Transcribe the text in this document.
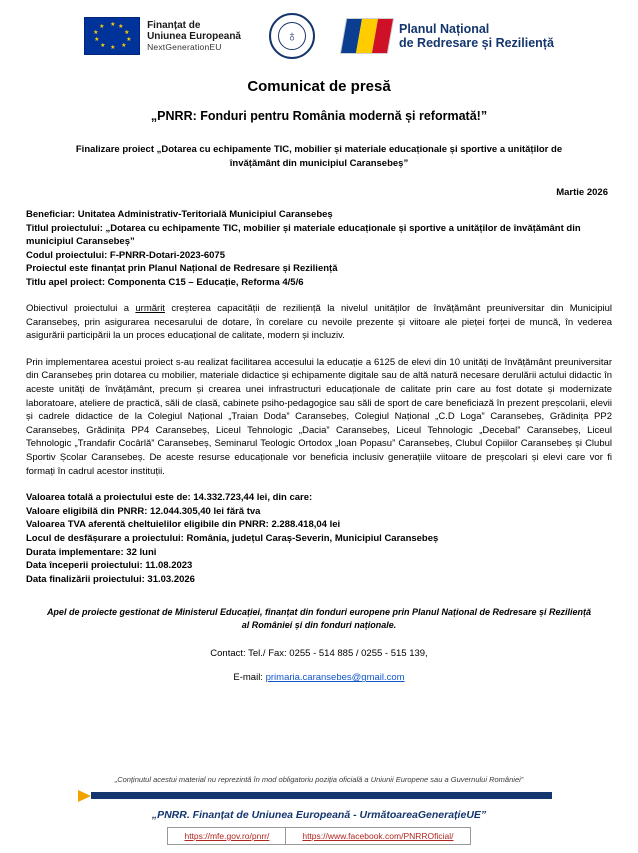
★ ★
★
★
★
★
★
★
★
★	Finanțat de
Uniunea Europeană
NextGenerationEU
♁	Planul Național
de Redresare și Reziliență
Comunicat de presă
„PNRR: Fonduri pentru România modernă și reformată!”
Finalizare proiect „Dotarea cu echipamente TIC, mobilier și materiale educaționale și sportive a unităților de învățământ din municipiul Caransebeș”
Martie 2026
Beneficiar: Unitatea Administrativ-Teritorială Municipiul Caransebeș
Titlul proiectului: „Dotarea cu echipamente TIC, mobilier și materiale educaționale și sportive a unităților de învățământ din municipiul Caransebeș”
Codul proiectului: F-PNRR-Dotari-2023-6075
Proiectul este finanțat prin Planul Național de Redresare și Reziliență
Titlu apel proiect: Componenta C15 – Educație, Reforma 4/5/6
Obiectivul proiectului a urmărit creșterea capacității de reziliență la nivelul unităților de învățământ preuniversitar din Municipiul Caransebeș, prin asigurarea necesarului de dotare, în corelare cu nevoile prezente și viitoare ale pieței forței de muncă, în vederea asigurării participării la un proces educațional de calitate, modern și incluziv.
Prin implementarea acestui proiect s-au realizat facilitarea accesului la educație a 6125 de elevi din 10 unități de învățământ preuniversitar din Caransebeș prin dotarea cu mobilier, materiale didactice și echipamente digitale sau de altă natură necesare derulării actului didactic în aceste unități de învățământ, precum și crearea unei infrastructuri educaționale de calitate prin care au fost dotate și modernizate laboratoare, ateliere de practică, săli de clasă, cabinete psiho-pedagogice sau săli de sport de care beneficiază în prezent preșcolarii, elevii și cadrele didactice de la Colegiul Național „Traian Doda” Caransebeș, Colegiul Național „C.D Loga” Caransebeș, Grădinița PP2 Caransebeș, Grădinița PP4 Caransebeș, Liceul Tehnologic „Dacia” Caransebeș, Liceul Tehnologic „Decebal” Caransebeș, Liceul Tehnologic „Trandafir Cocârlă” Caransebeș, Seminarul Teologic Ortodox „Ioan Popasu” Caransebeș, Clubul Copiilor Caransebeș și Clubul Sportiv Școlar Caransebeș. De aceste resurse educaționale vor beneficia inclusiv generațiile viitoare de preșcolari și elevi care vor fi formați în cadrul acestor instituții.
Valoarea totală a proiectului este de: 14.332.723,44 lei, din care:
Valoare eligibilă din PNRR: 12.044.305,40 lei fără tva
Valoarea TVA aferentă cheltuielilor eligibile din PNRR: 2.288.418,04 lei
Locul de desfășurare a proiectului: România, județul Caraș-Severin, Municipiul Caransebeș
Durata implementare: 32 luni
Data începerii proiectului: 11.08.2023
Data finalizării proiectului: 31.03.2026
Apel de proiecte gestionat de Ministerul Educației, finanțat din fonduri europene prin Planul Național de Redresare și Reziliență al României și din fonduri naționale.
Contact: Tel./ Fax: 0255 - 514 885 / 0255 - 515 139,
E-mail: primaria.caransebes@gmail.com
„Conținutul acestui material nu reprezintă în mod obligatoriu poziția oficială a Uniunii Europene sau a Guvernului României”
„PNRR. Finanțat de Uniunea Europeană - UrmătoareaGenerațieUE”
https://mfe.gov.ro/pnrr/	https://www.facebook.com/PNRROficial/
